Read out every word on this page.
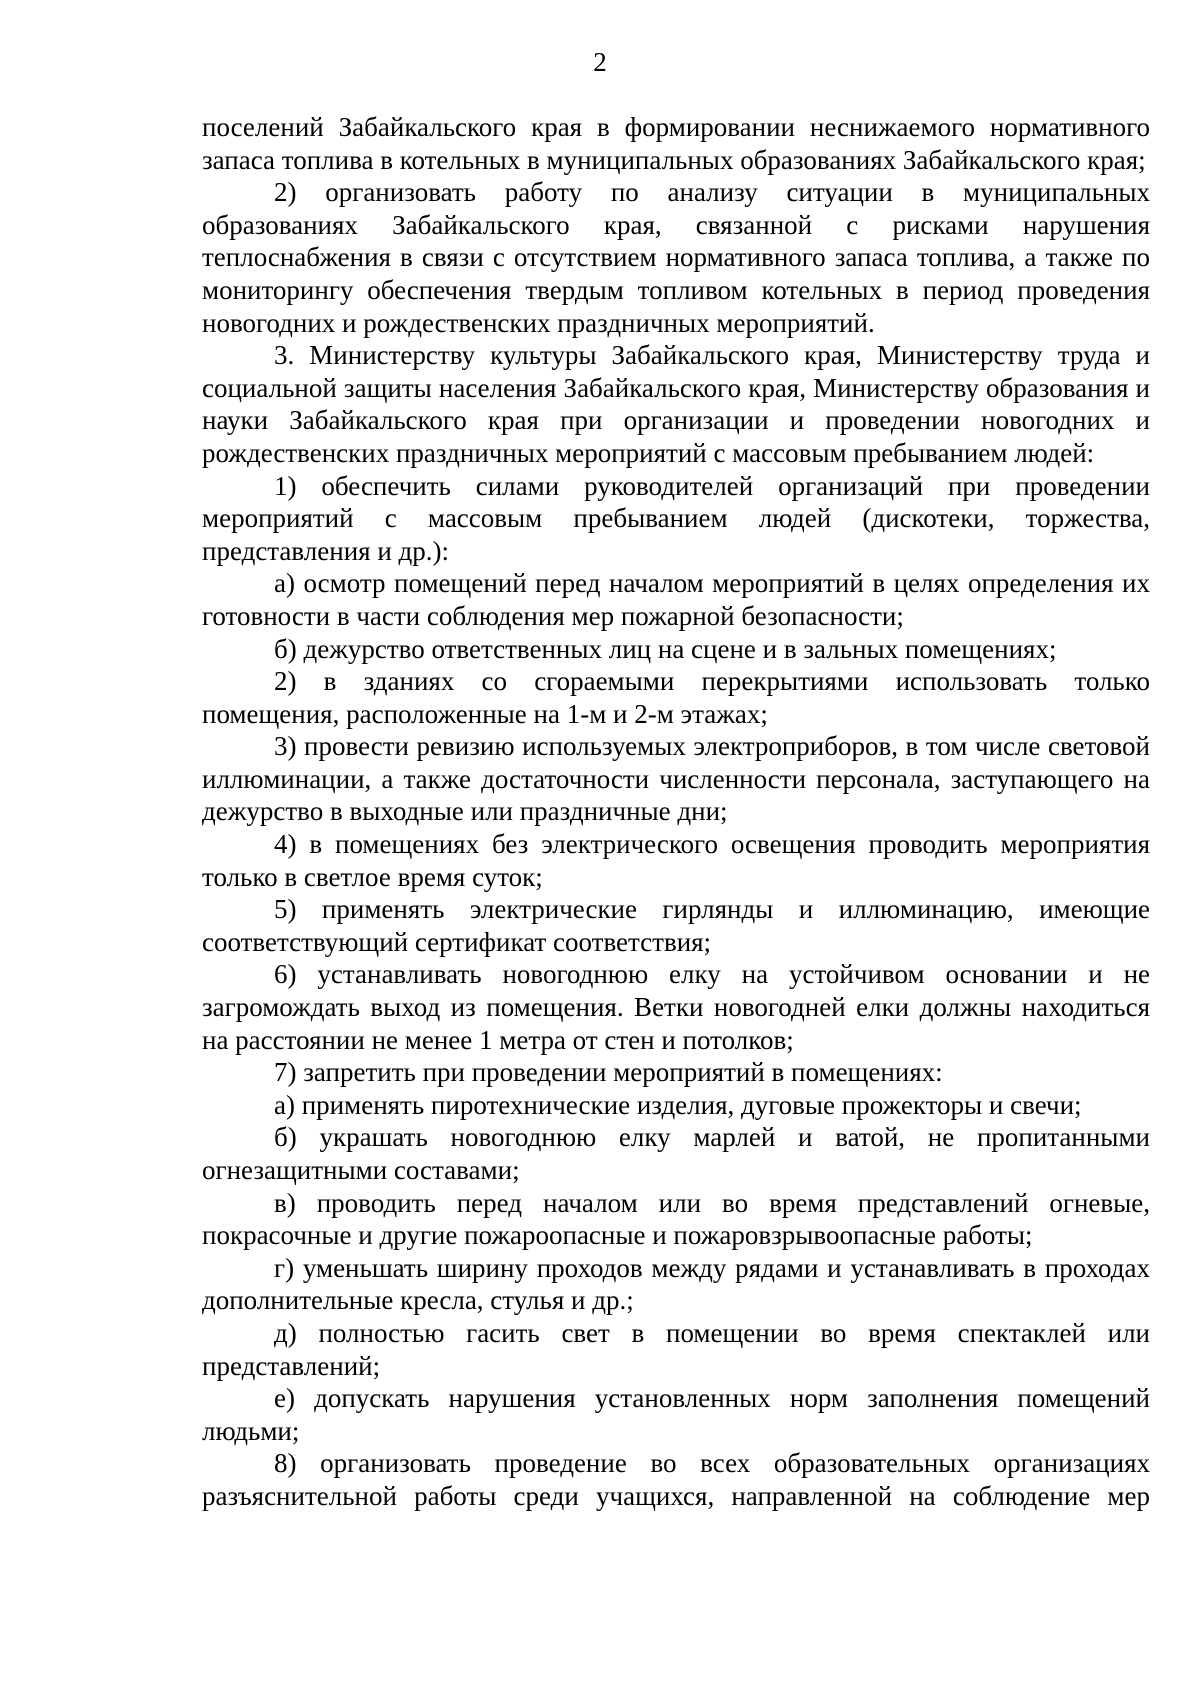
2

поселений Забайкальского края в формировании неснижаемого нормативного запаса топлива в котельных в муниципальных образованиях Забайкальского края;

2) организовать работу по анализу ситуации в муниципальных образованиях Забайкальского края, связанной с рисками нарушения теплоснабжения в связи с отсутствием нормативного запаса топлива, а также по мониторингу обеспечения твердым топливом котельных в период проведения новогодних и рождественских праздничных мероприятий.

3. Министерству культуры Забайкальского края, Министерству труда и социальной защиты населения Забайкальского края, Министерству образования и науки Забайкальского края при организации и проведении новогодних и рождественских праздничных мероприятий с массовым пребыванием людей:

1) обеспечить силами руководителей организаций при проведении мероприятий с массовым пребыванием людей (дискотеки, торжества, представления и др.):

а) осмотр помещений перед началом мероприятий в целях определения их готовности в части соблюдения мер пожарной безопасности;

б) дежурство ответственных лиц на сцене и в зальных помещениях;

2) в зданиях со сгораемыми перекрытиями использовать только помещения, расположенные на 1-м и 2-м этажах;

3) провести ревизию используемых электроприборов, в том числе световой иллюминации, а также достаточности численности персонала, заступающего на дежурство в выходные или праздничные дни;

4) в помещениях без электрического освещения проводить мероприятия только в светлое время суток;

5) применять электрические гирлянды и иллюминацию, имеющие соответствующий сертификат соответствия;

6) устанавливать новогоднюю елку на устойчивом основании и не загромождать выход из помещения. Ветки новогодней елки должны находиться на расстоянии не менее 1 метра от стен и потолков;

7) запретить при проведении мероприятий в помещениях:

а) применять пиротехнические изделия, дуговые прожекторы и свечи;

б) украшать новогоднюю елку марлей и ватой, не пропитанными огнезащитными составами;

в) проводить перед началом или во время представлений огневые, покрасочные и другие пожароопасные и пожаровзрывоопасные работы;

г) уменьшать ширину проходов между рядами и устанавливать в проходах дополнительные кресла, стулья и др.;

д) полностью гасить свет в помещении во время спектаклей или представлений;

е) допускать нарушения установленных норм заполнения помещений людьми;

8) организовать проведение во всех образовательных организациях разъяснительной работы среди учащихся, направленной на соблюдение мер
